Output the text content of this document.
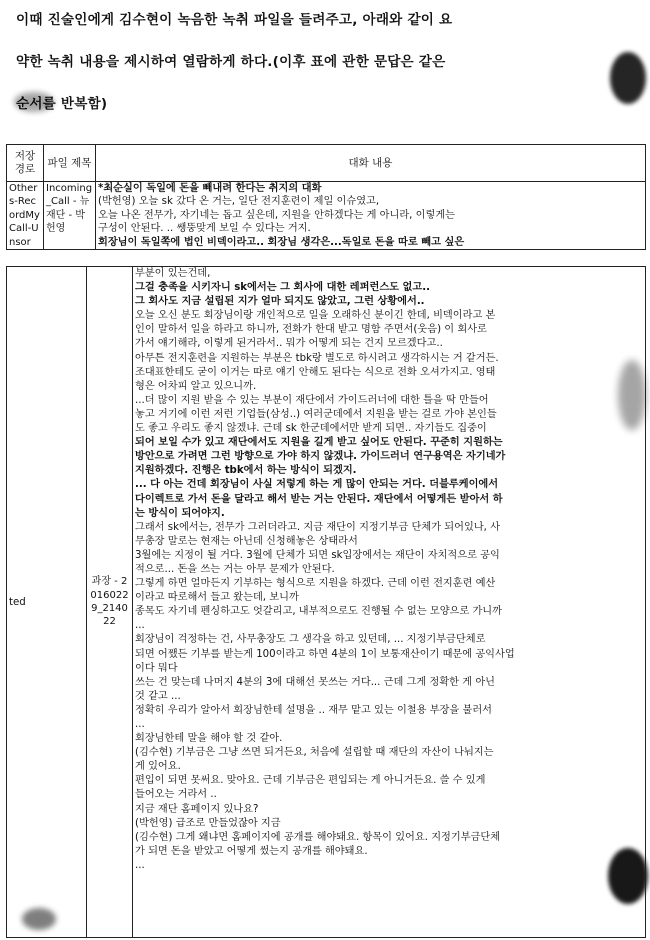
이때 진술인에게 김수현이 녹음한 녹취 파일을 들려주고, 아래와 같이 요
약한 녹취 내용을 제시하여 열람하게 하다.(이후 표에 관한 문답은 같은
순서를 반복함)
저장 경로	파일 제목	대화 내용
Others-RecordMy Call-Unsor	Incoming_Call - 뉴재단 - 박헌영	*최순실이 독일에 돈을 빼내려 한다는 취지의 대화
(박헌영) 오늘 sk 갔다 온 거는, 일단 전지훈련이 제일 이슈였고,
오늘 나온 전무가, 자기네는 돕고 싶은데, 지원을 안하겠다는 게 아니라, 이렇게는
구성이 안된다. .. 쌩뚱맞게 보일 수 있다는 거지.
회장님이 독일쪽에 법인 비덱이라고.. 회장님 생각은...독일로 돈을 따로 빼고 싶은
ted	과장 - 20160229_214022	
부분이 있는건데,
그걸 충족을 시키자니 sk에서는 그 회사에 대한 레퍼런스도 없고..
그 회사도 지금 설립된 지가 얼마 되지도 않았고, 그런 상황에서..
오늘 오신 분도 회장님이랑 개인적으로 일을 오래하신 분이긴 한데, 비덱이라고 본
인이 말하서 일을 하라고 하니까, 전화가 한대 받고 명함 주면서(웃음) 이 회사로
가서 얘기해라, 이렇게 된거라서.. 뭐가 어떻게 되는 건지 모르겠다고..
아무튼 전지훈련을 지원하는 부분은 tbk랑 별도로 하시려고 생각하시는 거 같거든.
조대표한테도 굳이 이거는 따로 얘기 안해도 된다는 식으로 전화 오셔가지고. 영태
형은 어차피 알고 있으니까.
...더 많이 지원 받을 수 있는 부분이 재단에서 가이드러너에 대한 틀을 딱 만들어
놓고 거기에 이런 저런 기업들(삼성..) 여러군데에서 지원을 받는 걸로 가야 본인들
도 좋고 우리도 좋지 않겠냐. 근데 sk 한군데에서만 받게 되면.. 자기들도 집중이
되어 보일 수가 있고 재단에서도 지원을 길게 받고 싶어도 안된다. 꾸준히 지원하는
방안으로 가려면 그런 방향으로 가야 하지 않겠냐. 가이드러너 연구용역은 자기네가
지원하겠다. 진행은 tbk에서 하는 방식이 되겠지.
... 다 아는 건데 회장님이 사실 저렇게 하는 게 많이 안되는 거다. 더블루케이에서
다이렉트로 가서 돈을 달라고 해서 받는 거는 안된다. 재단에서 어떻게든 받아서 하
는 방식이 되어야지.
그래서 sk에서는, 전무가 그러더라고. 지금 재단이 지정기부금 단체가 되어있나, 사
무총장 말로는 현재는 아닌데 신청해놓은 상태라서
3월에는 지정이 될 거다. 3월에 단체가 되면 sk입장에서는 재단이 자치적으로 공익
적으로... 돈을 쓰는 거는 아무 문제가 안된다.
그렇게 하면 얼마든지 기부하는 형식으로 지원을 하겠다. 근데 이런 전지훈련 예산
이라고 따로해서 들고 왔는데, 보니까
종목도 자기네 펜싱하고도 엇갈리고, 내부적으로도 진행될 수 없는 모양으로 가니까
...
회장님이 걱정하는 건, 사무총장도 그 생각을 하고 있던데, ... 지정기부금단체로
되면 어쨌든 기부를 받는게 100이라고 하면 4분의 1이 보통재산이기 때문에 공익사업
이다 뭐다
쓰는 건 맞는데 나머지 4분의 3에 대해선 못쓰는 거다... 근데 그게 정확한 게 아닌
것 같고 ...
정확히 우리가 알아서 회장님한테 설명을 .. 재무 맡고 있는 이철용 부장을 불러서
...
회장님한테 말을 해야 할 것 같아.
(김수현) 기부금은 그냥 쓰면 되거든요, 처음에 설립할 때 재단의 자산이 나눠지는
게 있어요.
편입이 되면 못써요. 맞아요. 근데 기부금은 편입되는 게 아니거든요. 쓸 수 있게
들어오는 거라서 ..
지금 재단 홈페이지 있나요?
(박헌영) 급조로 만들었잖아 지금
(김수현) 그게 왜냐면 홈페이지에 공개를 해야돼요. 항목이 있어요. 지정기부금단체
가 되면 돈을 받았고 어떻게 썼는지 공개를 해야돼요.
...
